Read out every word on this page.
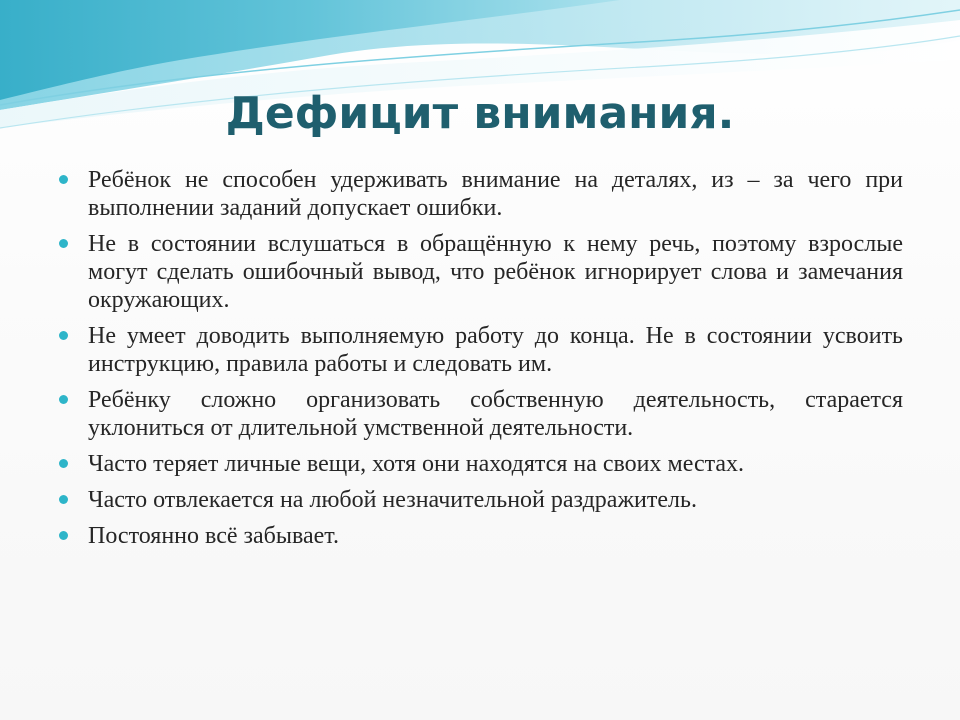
Дефицит внимания.
Ребёнок не способен удерживать внимание на деталях, из – за чего при выполнении заданий допускает ошибки.
Не в состоянии вслушаться в обращённую к нему речь, поэтому взрослые могут сделать ошибочный вывод, что ребёнок игнорирует слова и замечания окружающих.
Не умеет доводить выполняемую работу до конца. Не в состоянии усвоить инструкцию, правила работы и следовать им.
Ребёнку сложно организовать собственную деятельность, старается уклониться от длительной умственной деятельности.
Часто теряет личные вещи, хотя они находятся на своих местах.
Часто отвлекается на любой незначительной раздражитель.
Постоянно всё забывает.
